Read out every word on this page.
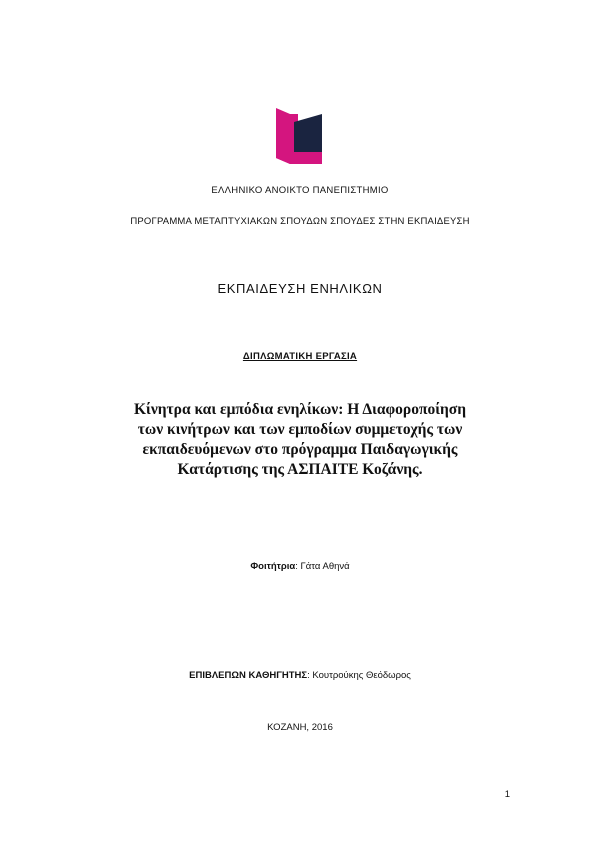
ΕΛΛΗΝΙΚΟ ΑΝΟΙΚΤΟ ΠΑΝΕΠΙΣΤΗΜΙΟ
ΠΡΟΓΡΑΜΜΑ ΜΕΤΑΠΤΥΧΙΑΚΩΝ ΣΠΟΥΔΩΝ ΣΠΟΥΔΕΣ ΣΤΗΝ ΕΚΠΑΙΔΕΥΣΗ
ΕΚΠΑΙΔΕΥΣΗ ΕΝΗΛΙΚΩΝ
ΔΙΠΛΩΜΑΤΙΚΗ ΕΡΓΑΣΙΑ
Κίνητρα και εμπόδια ενηλίκων: Η Διαφοροποίηση
των κινήτρων και των εμποδίων συμμετοχής των
εκπαιδευόμενων στο πρόγραμμα Παιδαγωγικής
Κατάρτισης της ΑΣΠΑΙΤΕ Κοζάνης.
Φοιτήτρια: Γάτα Αθηνά
ΕΠΙΒΛΕΠΩΝ ΚΑΘΗΓΗΤΗΣ: Κουτρούκης Θεόδωρος
ΚΟΖΑΝΗ, 2016
1
